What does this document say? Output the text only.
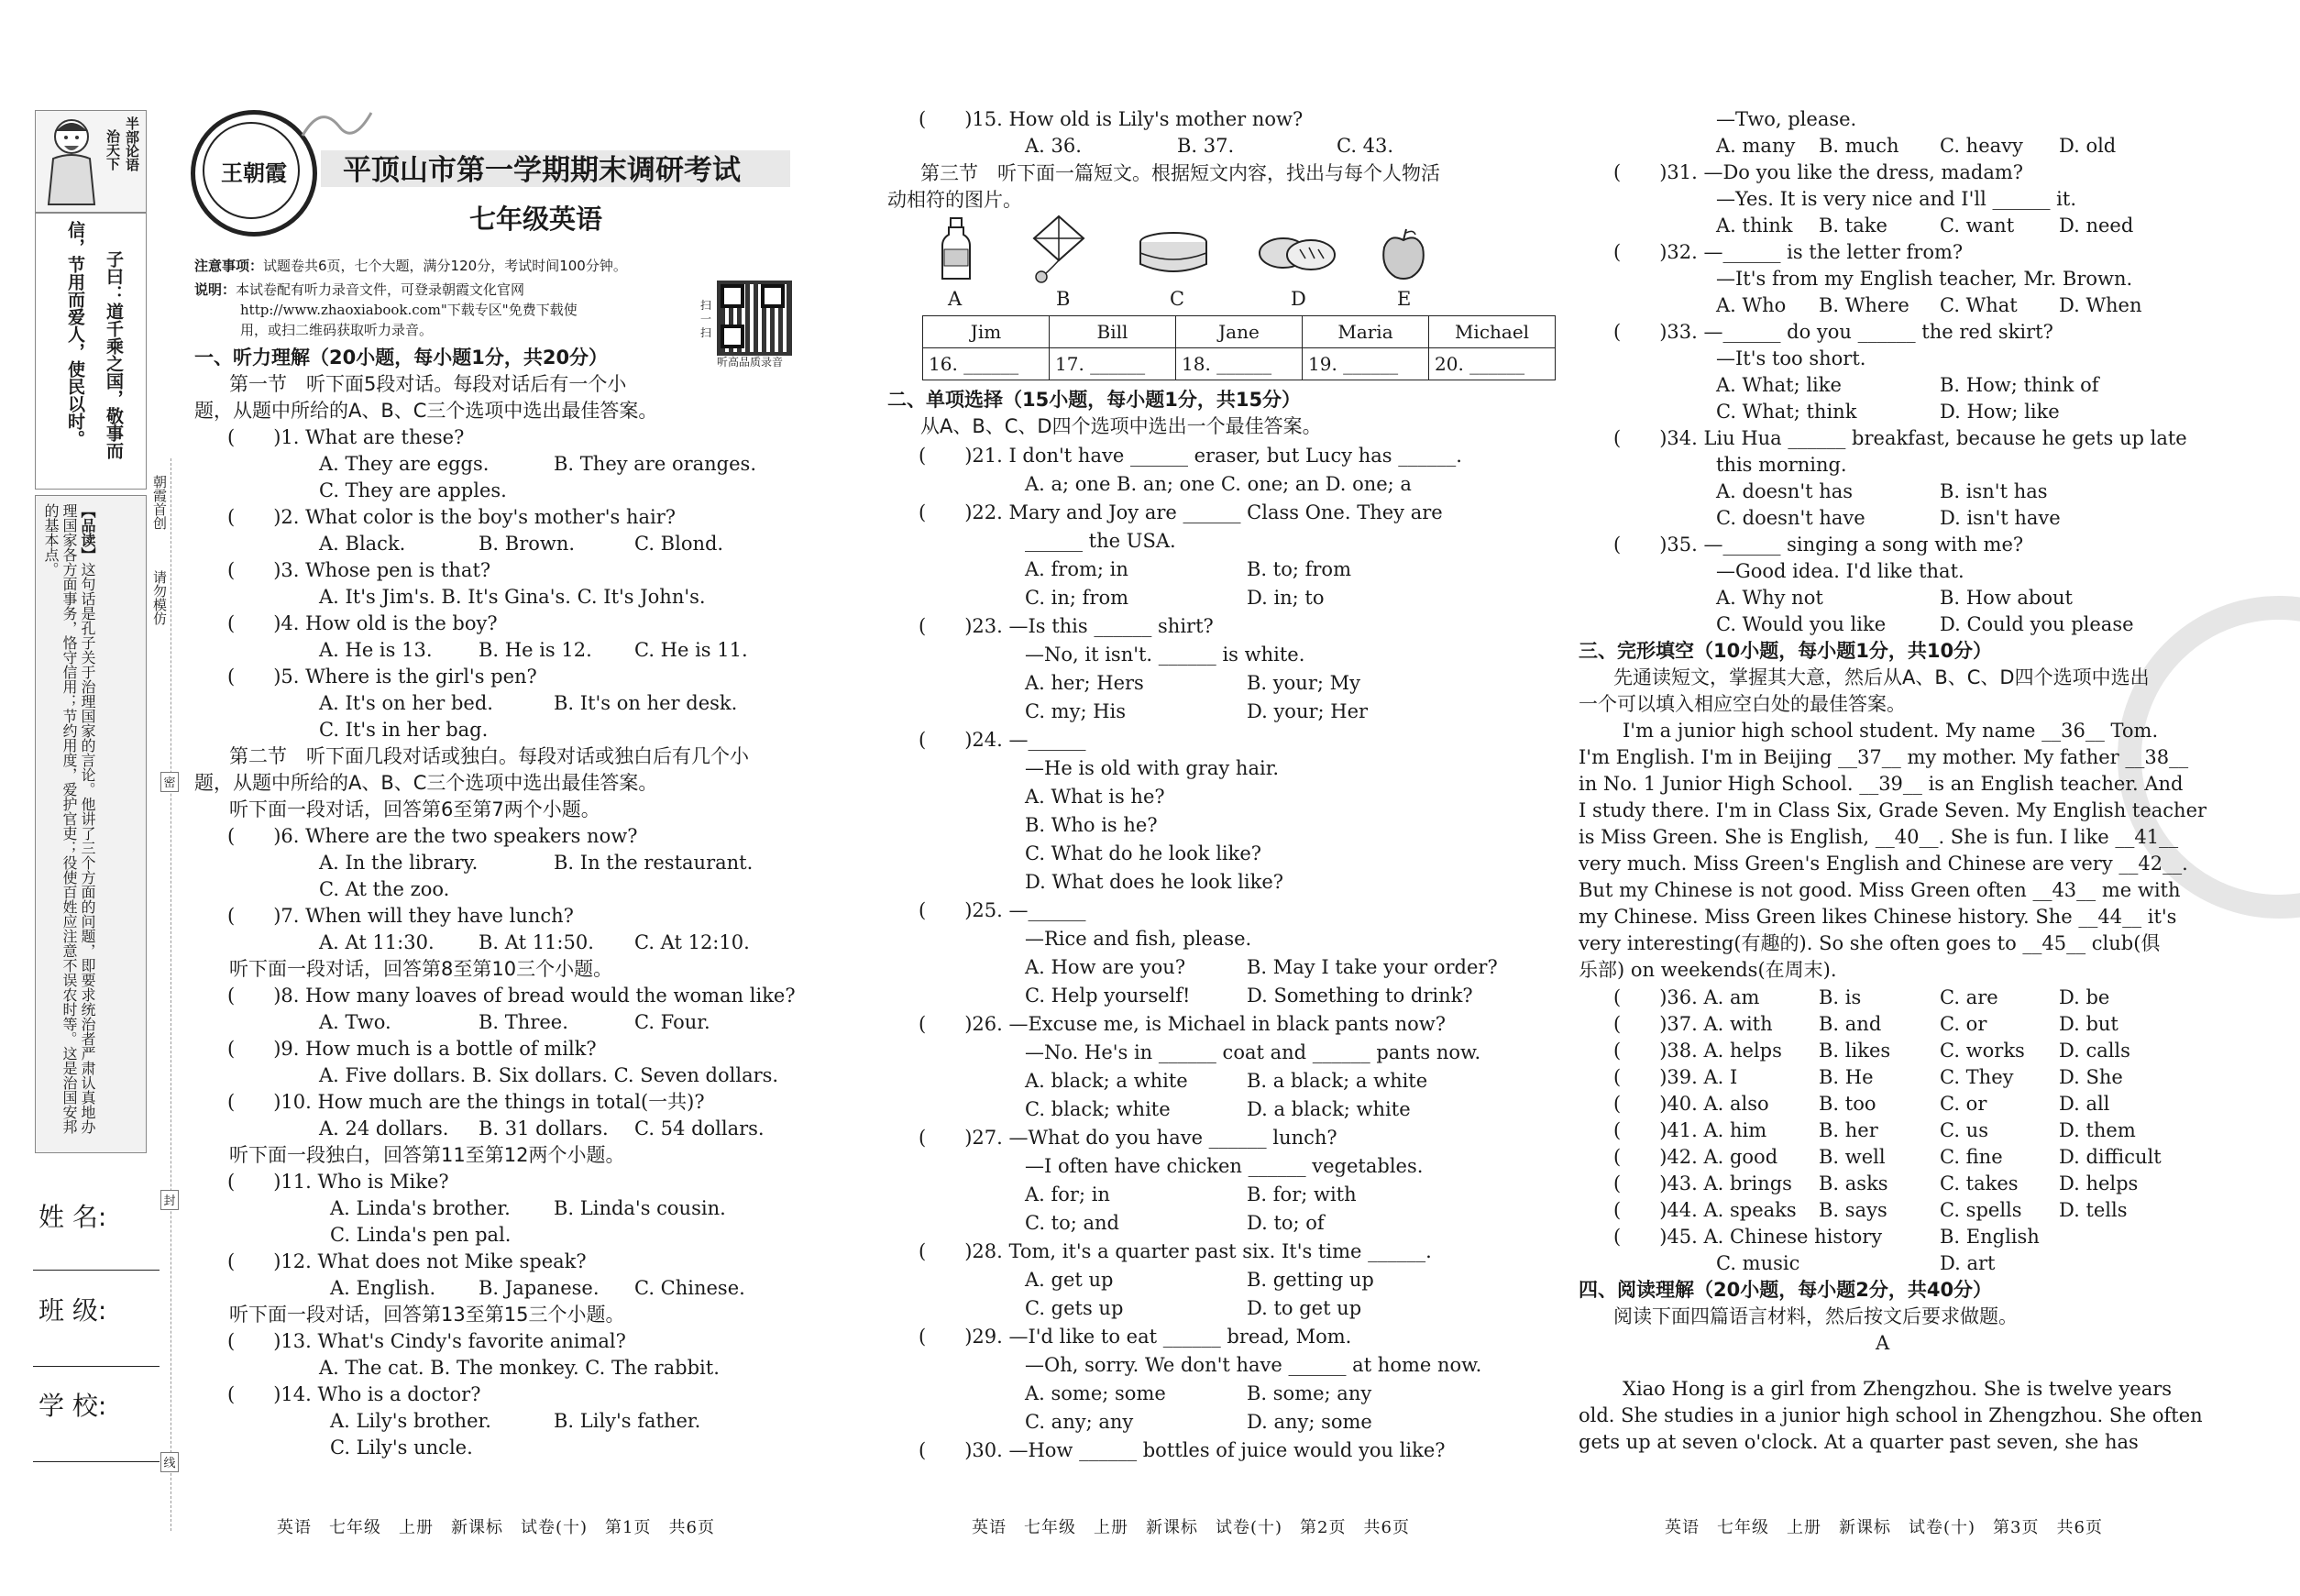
半部论语
治天下
子曰：道千乘之国，敬事而
信，节用而爱人，使民以时。
【品读】这句话是孔子关于治理国家的言论。他讲了三个方面的问题，即要求统治者严肃认真地办理国家各方面事务，恪守信用；节约用度，爱护官吏；役使百姓应注意不误农时等。这是治国安邦的基本点。
朝霞首创
请勿模仿
密
封
线
姓 名:
班 级:
学 校:
王朝霞	平顶山市第一学期期末调研考试
七年级英语
注意事项：试题卷共6页，七个大题，满分120分，考试时间100分钟。
说明：本试卷配有听力录音文件，可登录朝霞文化官网
http://www.zhaoxiabook.com"下载专区"免费下载使
用，或扫二维码获取听力录音。
扫一扫
听高品质录音
一、听力理解（20小题，每小题1分，共20分）
第一节　听下面5段对话。每段对话后有一个小
题，从题中所给的A、B、C三个选项中选出最佳答案。
(　　)1. What are these?
A. They are eggs.	B. They are oranges.
C. They are apples.
(　　)2. What color is the boy's mother's hair?
A. Black.	B. Brown.	C. Blond.
(　　)3. Whose pen is that?
A. It's Jim's. B. It's Gina's. C. It's John's.
(　　)4. How old is the boy?
A. He is 13. B. He is 12. C. He is 11.
(　　)5. Where is the girl's pen?
A. It's on her bed.	B. It's on her desk.
C. It's in her bag.
第二节　听下面几段对话或独白。每段对话或独白后有几个小
题，从题中所给的A、B、C三个选项中选出最佳答案。
听下面一段对话，回答第6至第7两个小题。
(　　)6. Where are the two speakers now?
A. In the library.	B. In the restaurant.
C. At the zoo.
(　　)7. When will they have lunch?
A. At 11:30. B. At 11:50. C. At 12:10.
听下面一段对话，回答第8至第10三个小题。
(　　)8. How many loaves of bread would the woman like?
A. Two.	B. Three.	C. Four.
(　　)9. How much is a bottle of milk?
A. Five dollars. B. Six dollars. C. Seven dollars.
(　　)10. How much are the things in total(一共)?
A. 24 dollars. B. 31 dollars. C. 54 dollars.
听下面一段独白，回答第11至第12两个小题。
(　　)11. Who is Mike?
A. Linda's brother. B. Linda's cousin.
C. Linda's pen pal.
(　　)12. What does not Mike speak?
A. English. B. Japanese. C. Chinese.
听下面一段对话，回答第13至第15三个小题。
(　　)13. What's Cindy's favorite animal?
A. The cat. B. The monkey. C. The rabbit.
(　　)14. Who is a doctor?
A. Lily's brother.	B. Lily's father.
C. Lily's uncle.
英语　七年级　上册　新课标　试卷(十)　第1页　共6页
(　　)15. How old is Lily's mother now?
A. 36.	B. 37.	C. 43.
第三节　听下面一篇短文。根据短文内容，找出与每个人物活
动相符的图片。
A	B	C	D	E
Jim	Bill	Jane	Maria	Michael
16. ______	17. ______	18. ______	19. ______	20. ______
二、单项选择（15小题，每小题1分，共15分）
从A、B、C、D四个选项中选出一个最佳答案。
(　　)21. I don't have ______ eraser, but Lucy has ______.
A. a; one B. an; one C. one; an D. one; a
(　　)22. Mary and Joy are ______ Class One. They are
______ the USA.
A. from; in	B. to; from
C. in; from	D. in; to
(　　)23. —Is this ______ shirt?
—No, it isn't. ______ is white.
A. her; Hers	B. your; My
C. my; His	D. your; Her
(　　)24. —______
—He is old with gray hair.
A. What is he?
B. Who is he?
C. What do he look like?
D. What does he look like?
(　　)25. —______
—Rice and fish, please.
A. How are you?	B. May I take your order?
C. Help yourself!	D. Something to drink?
(　　)26. —Excuse me, is Michael in black pants now?
—No. He's in ______ coat and ______ pants now.
A. black; a white	B. a black; a white
C. black; white	D. a black; white
(　　)27. —What do you have ______ lunch?
—I often have chicken ______ vegetables.
A. for; in	B. for; with
C. to; and	D. to; of
(　　)28. Tom, it's a quarter past six. It's time ______.
A. get up	B. getting up
C. gets up	D. to get up
(　　)29. —I'd like to eat ______ bread, Mom.
—Oh, sorry. We don't have ______ at home now.
A. some; some	B. some; any
C. any; any	D. any; some
(　　)30. —How ______ bottles of juice would you like?
英语　七年级　上册　新课标　试卷(十)　第2页　共6页
—Two, please.
A. many B. much C. heavy D. old
(　　)31. —Do you like the dress, madam?
—Yes. It is very nice and I'll ______ it.
A. think B. take	C. want D. need
(　　)32. —______ is the letter from?
—It's from my English teacher, Mr. Brown.
A. Who B. Where C. What D. When
(　　)33. —______ do you ______ the red skirt?
—It's too short.
A. What; like	B. How; think of
C. What; think	D. How; like
(　　)34. Liu Hua ______ breakfast, because he gets up late
this morning.
A. doesn't has	B. isn't has
C. doesn't have	D. isn't have
(　　)35. —______ singing a song with me?
—Good idea. I'd like that.
A. Why not	B. How about
C. Would you like	D. Could you please
三、完形填空（10小题，每小题1分，共10分）
先通读短文，掌握其大意，然后从A、B、C、D四个选项中选出
一个可以填入相应空白处的最佳答案。
I'm a junior high school student. My name __36__ Tom.
I'm English. I'm in Beijing __37__ my mother. My father __38__
in No. 1 Junior High School. __39__ is an English teacher. And
I study there. I'm in Class Six, Grade Seven. My English teacher
is Miss Green. She is English, __40__. She is fun. I like __41__
very much. Miss Green's English and Chinese are very __42__.
But my Chinese is not good. Miss Green often __43__ me with
my Chinese. Miss Green likes Chinese history. She __44__ it's
very interesting(有趣的). So she often goes to __45__ club(俱
乐部) on weekends(在周末).
(　　)36. A. am	B. is	C. are	D. be
(　　)37. A. with B. and	C. or	D. but
(　　)38. A. helps B. likes	C. works D. calls
(　　)39. A. I	B. He	C. They D. She
(　　)40. A. also	B. too	C. or	D. all
(　　)41. A. him	B. her	C. us	D. them
(　　)42. A. good B. well	C. fine	D. difficult
(　　)43. A. brings B. asks	C. takes D. helps
(　　)44. A. speaks B. says	C. spells D. tells
(　　)45. A. Chinese history	B. English
C. music	D. art
四、阅读理解（20小题，每小题2分，共40分）
阅读下面四篇语言材料，然后按文后要求做题。
A
Xiao Hong is a girl from Zhengzhou. She is twelve years
old. She studies in a junior high school in Zhengzhou. She often
gets up at seven o'clock. At a quarter past seven, she has
英语　七年级　上册　新课标　试卷(十)　第3页　共6页
